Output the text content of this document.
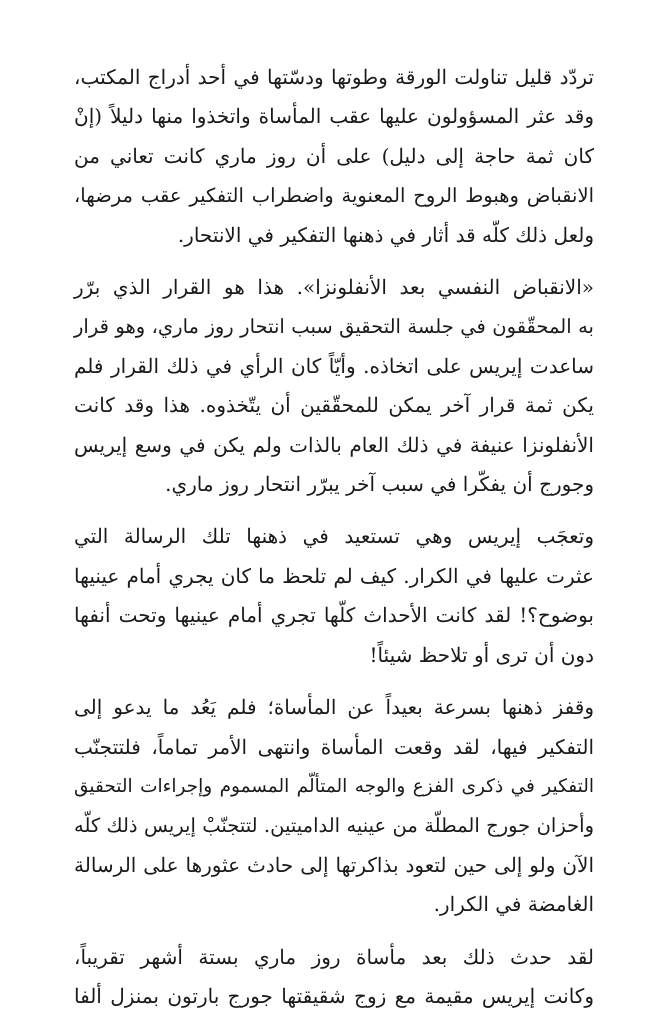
تردّد قليل تناولت الورقة وطوتها ودسّتها في أحد أدراج المكتب،
وقد عثر المسؤولون عليها عقب المأساة واتخذوا منها دليلاً (إنْ
كان ثمة حاجة إلى دليل) على أن روز ماري كانت تعاني من
الانقباض وهبوط الروح المعنوية واضطراب التفكير عقب مرضها،
ولعل ذلك كلّه قد أثار في ذهنها التفكير في الانتحار.
«الانقباض النفسي بعد الأنفلونزا». هذا هو القرار الذي برّر
به المحقّقون في جلسة التحقيق سبب انتحار روز ماري، وهو قرار
ساعدت إيريس على اتخاذه. وأيّاً كان الرأي في ذلك القرار فلم
يكن ثمة قرار آخر يمكن للمحقّقين أن يتّخذوه. هذا وقد كانت
الأنفلونزا عنيفة في ذلك العام بالذات ولم يكن في وسع إيريس
وجورج أن يفكّرا في سبب آخر يبرّر انتحار روز ماري.
وتعجَب إيريس وهي تستعيد في ذهنها تلك الرسالة التي
عثرت عليها في الكرار. كيف لم تلحظ ما كان يجري أمام عينيها
بوضوح؟! لقد كانت الأحداث كلّها تجري أمام عينيها وتحت أنفها
دون أن ترى أو تلاحظ شيئاً!
وقفز ذهنها بسرعة بعيداً عن المأساة؛ فلم يَعُد ما يدعو إلى
التفكير فيها، لقد وقعت المأساة وانتهى الأمر تماماً، فلتتجنّب
التفكير في ذكرى الفزع والوجه المتألّم المسموم وإجراءات التحقيق
وأحزان جورج المطلّة من عينيه الداميتين. لتتجنّبْ إيريس ذلك كلّه
الآن ولو إلى حين لتعود بذاكرتها إلى حادث عثورها على الرسالة
الغامضة في الكرار.
لقد حدث ذلك بعد مأساة روز ماري بستة أشهر تقريباً،
وكانت إيريس مقيمة مع زوج شقيقتها جورج بارتون بمنزل ألفا
